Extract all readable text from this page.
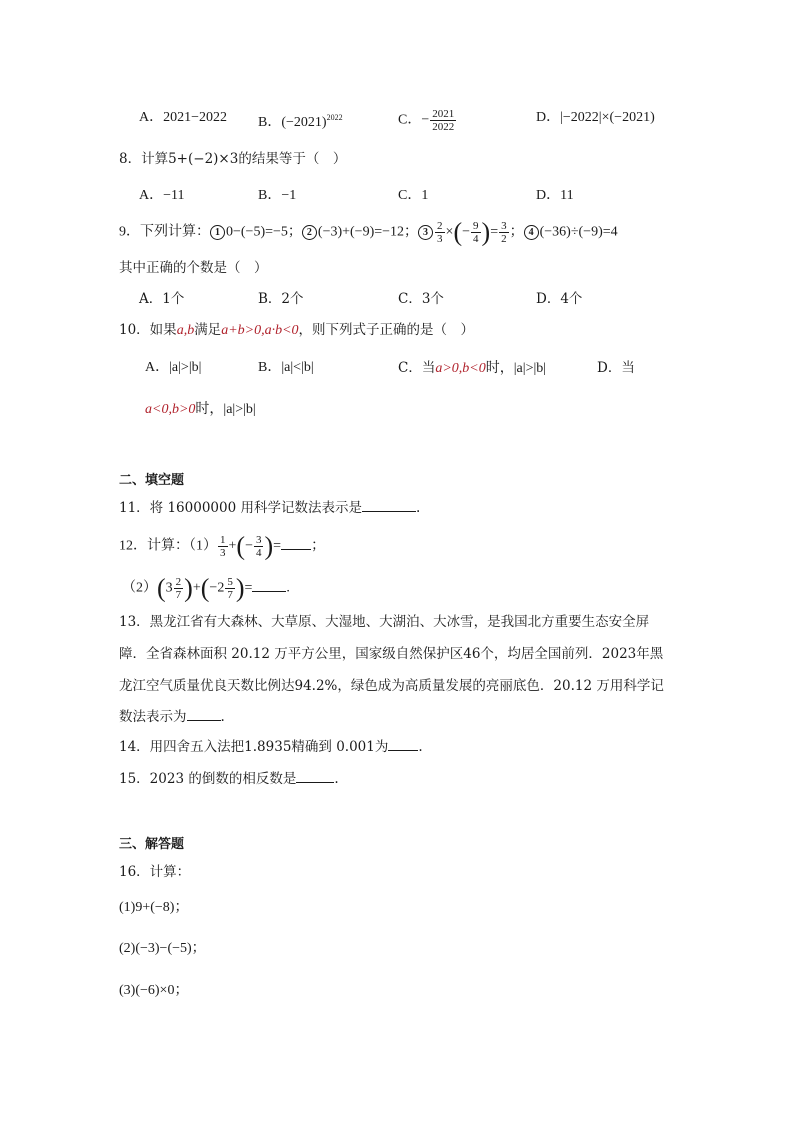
A．2021−2022 B．$(-2021)^{2022}$	C．− $\frac{2021}{2022}$	D．|−2022|×(−2021)
8．计算5+(−2)×3的结果等于（　）
A．−11	B．−1	C．1	D．11
9．下列计算： 1 0−(−5)=−5； 2 (−3)+(−9)=−12； $3 \frac{2}{3}$ ×(− $\frac{9}{4}$ )= $\frac{3}{2}$ ； 4 (−36)÷(−9)=4
其中正确的个数是（　）
A．1个	B．2个	C．3个	D．4个
10．如果a,b满足a+b>0,a·b<0，则下列式子正确的是（　）
A．|a|>|b|	B．|a|<|b|	C．当a>0,b<0时，|a|>|b|	D．当
a<0,b>0时，|a|>|b|
二、填空题
11．将 16000000 用科学记数法表示是	.
12．计算：$(1) \frac{1}{3}$ +(− $\frac{3}{4}$ )= ；
$(2)(3 \frac{2}{7} )+(-2 \frac{5}{7}$ )= .
13．黑龙江省有大森林、大草原、大湿地、大湖泊、大冰雪，是我国北方重要生态安全屏
障．全省森林面积 20.12 万平方公里，国家级自然保护区46个，均居全国前列．2023年黑
龙江空气质量优良天数比例达94.2%，绿色成为高质量发展的亮丽底色．20.12 万用科学记
数法表示为	.
14．用四舍五入法把1.8935精确到 0.001为 .
15．2023 的倒数的相反数是	.
三、解答题
16．计算：
(1)9+(−8)；
(2)(−3)−(−5)；
(3)(−6)×0；
